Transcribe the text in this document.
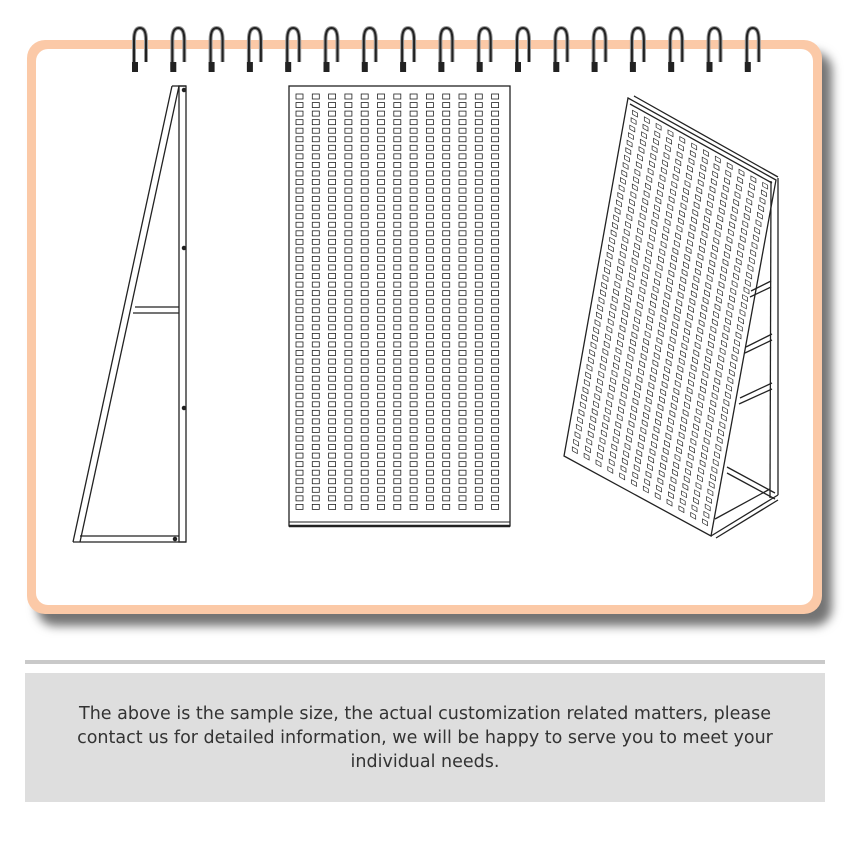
The above is the sample size, the actual customization related matters, please contact us for detailed information, we will be happy to serve you to meet your individual needs.
